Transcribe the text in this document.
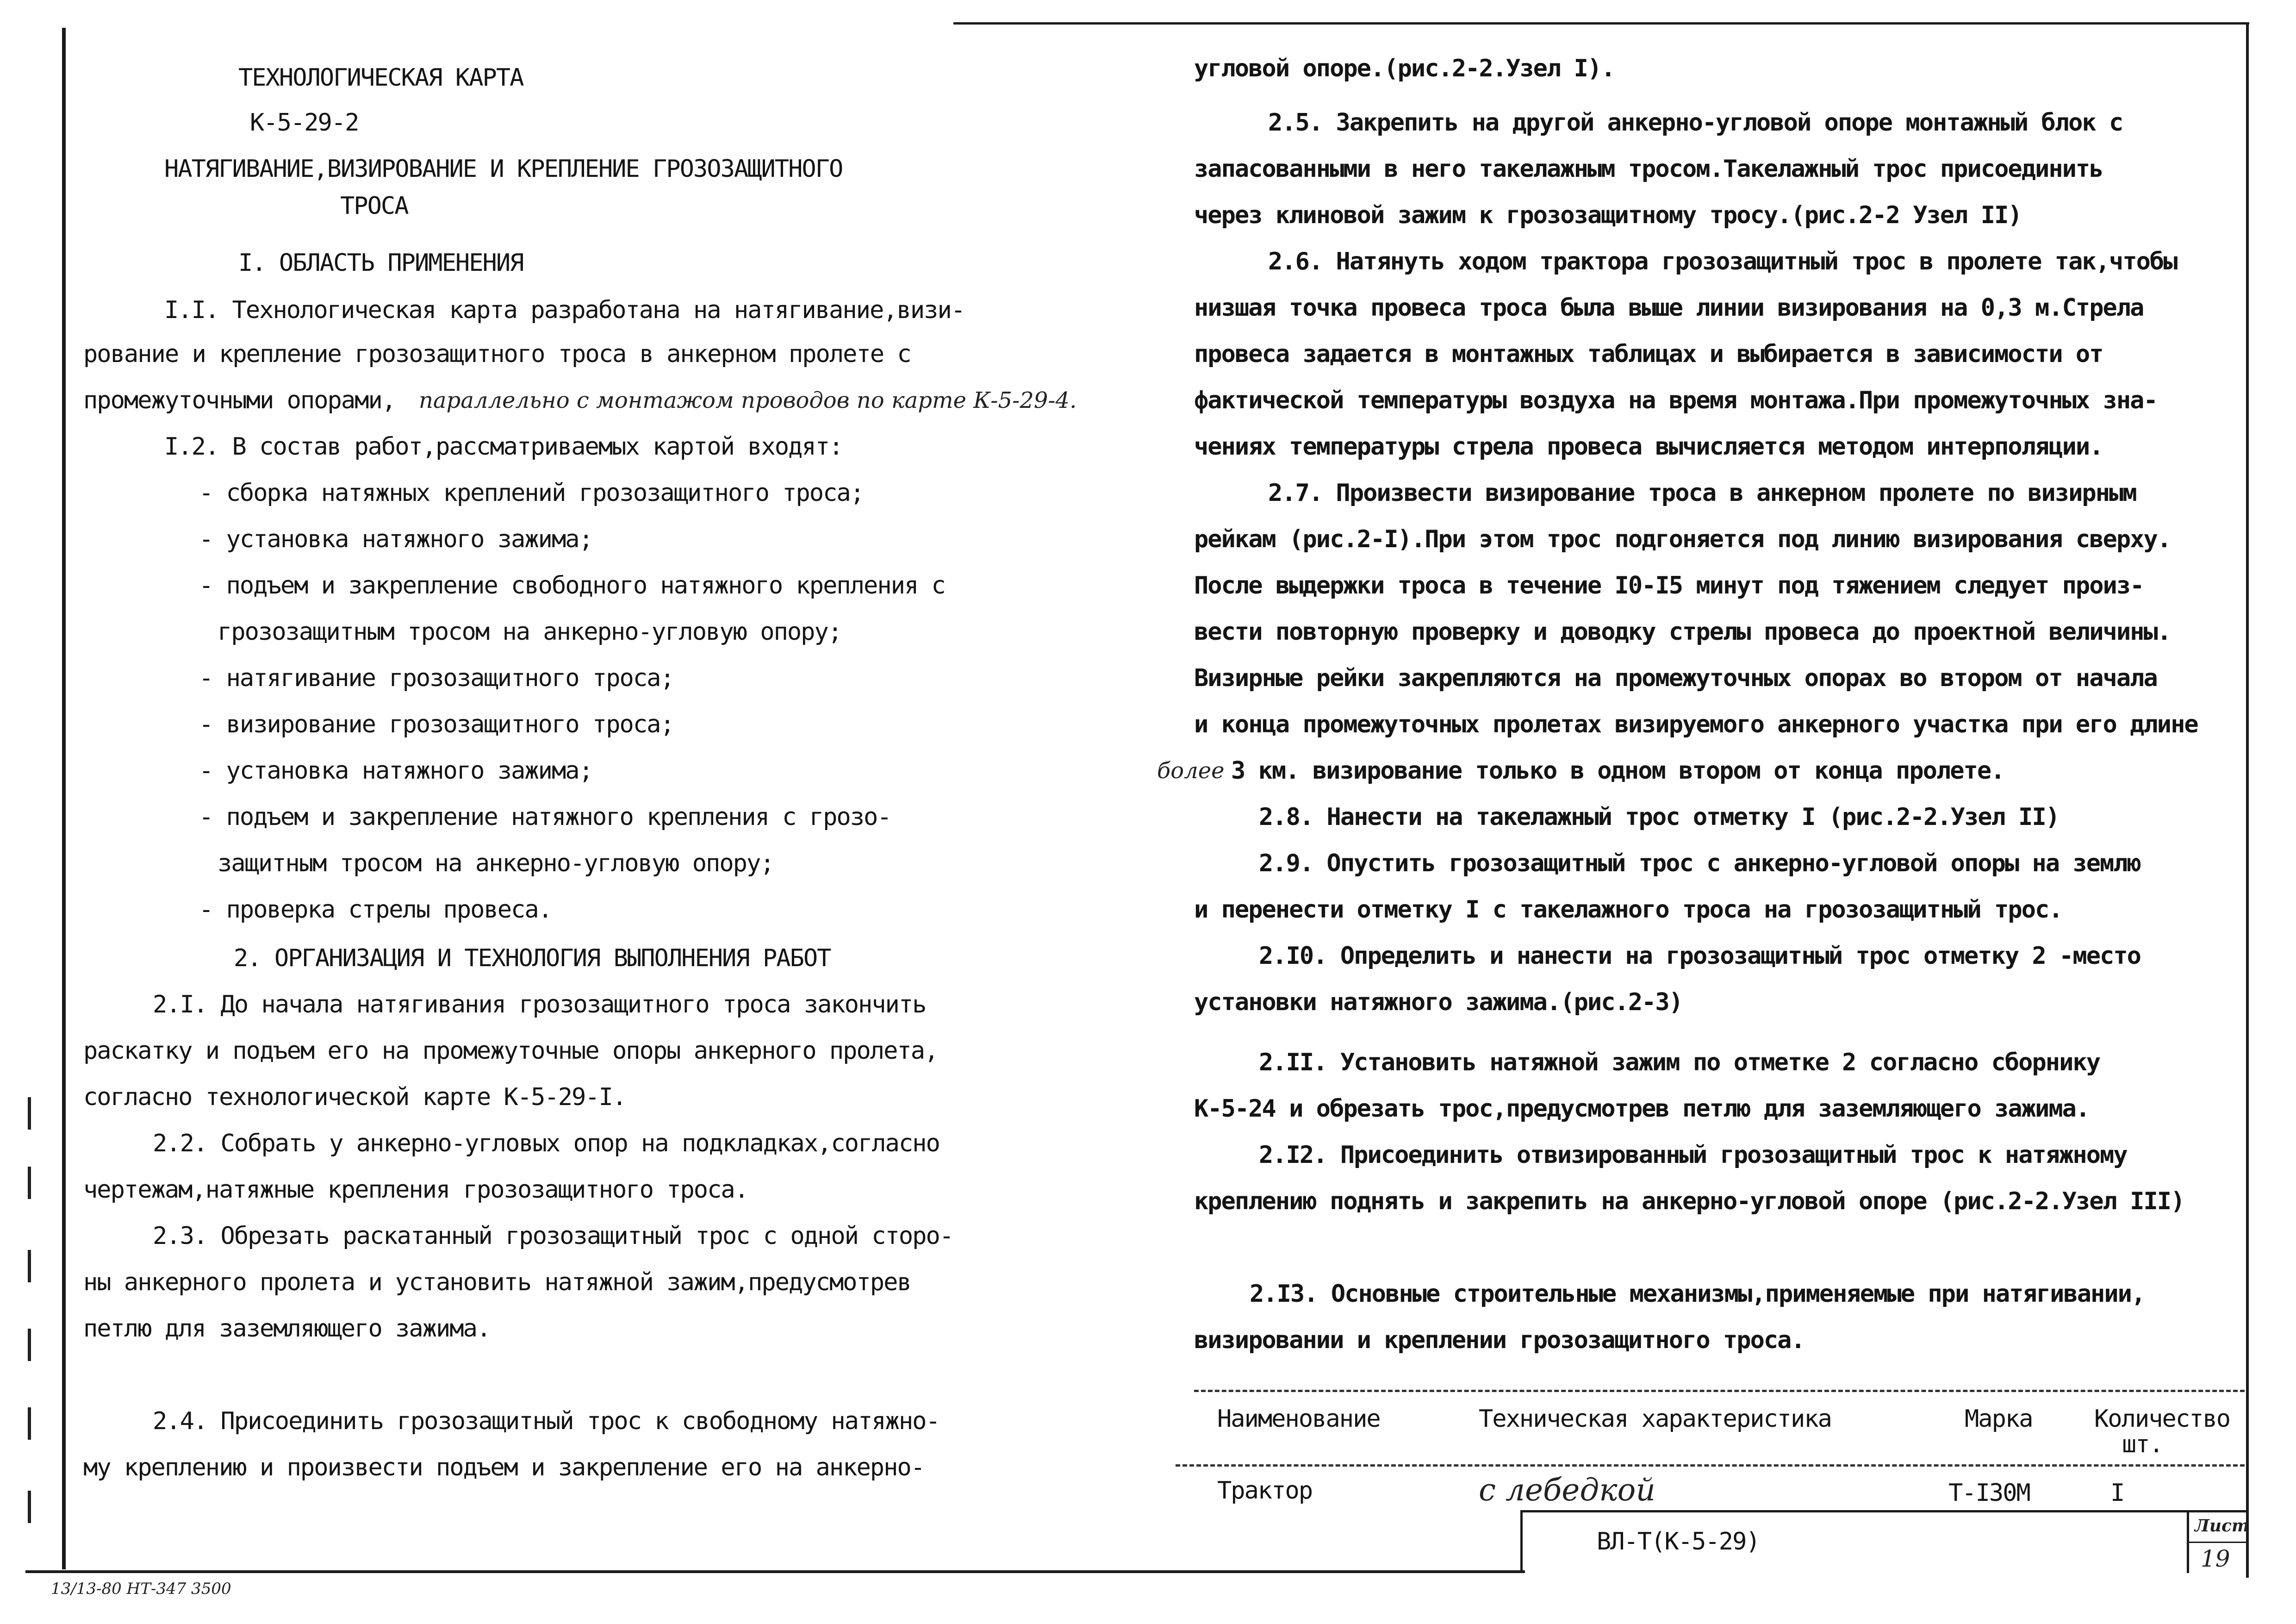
ТЕХНОЛОГИЧЕСКАЯ КАРТА
К-5-29-2
НАТЯГИВАНИЕ,ВИЗИРОВАНИЕ И КРЕПЛЕНИЕ ГРОЗОЗАЩИТНОГО
ТРОСА
I. ОБЛАСТЬ ПРИМЕНЕНИЯ
I.I. Технологическая карта разработана на натягивание,визи-
рование и крепление грозозащитного троса в анкерном пролете с
промежуточными опорами, параллельно с монтажом проводов по карте К-5-29-4.
I.2. В состав работ,рассматриваемых картой входят:
- сборка натяжных креплений грозозащитного троса;
- установка натяжного зажима;
- подъем и закрепление свободного натяжного крепления с
грозозащитным тросом на анкерно-угловую опору;
- натягивание грозозащитного троса;
- визирование грозозащитного троса;
- установка натяжного зажима;
- подъем и закрепление натяжного крепления с грозо-
защитным тросом на анкерно-угловую опору;
- проверка стрелы провеса.
2. ОРГАНИЗАЦИЯ И ТЕХНОЛОГИЯ ВЫПОЛНЕНИЯ РАБОТ
2.I. До начала натягивания грозозащитного троса закончить
раскатку и подъем его на промежуточные опоры анкерного пролета,
согласно технологической карте К-5-29-I.
2.2. Собрать у анкерно-угловых опор на подкладках,согласно
чертежам,натяжные крепления грозозащитного троса.
2.3. Обрезать раскатанный грозозащитный трос с одной сторо-
ны анкерного пролета и установить натяжной зажим,предусмотрев
петлю для заземляющего зажима.
2.4. Присоединить грозозащитный трос к свободному натяжно-
му креплению и произвести подъем и закрепление его на анкерно-
13/13-80 НТ-347 3500
угловой опоре.(рис.2-2.Узел I).
2.5. Закрепить на другой анкерно-угловой опоре монтажный блок с
запасованными в него такелажным тросом.Такелажный трос присоединить
через клиновой зажим к грозозащитному тросу.(рис.2-2 Узел II)
2.6. Натянуть ходом трактора грозозащитный трос в пролете так,чтобы
низшая точка провеса троса была выше линии визирования на 0,3 м.Стрела
провеса задается в монтажных таблицах и выбирается в зависимости от
фактической температуры воздуха на время монтажа.При промежуточных зна-
чениях температуры стрела провеса вычисляется методом интерполяции.
2.7. Произвести визирование троса в анкерном пролете по визирным
рейкам (рис.2-I).При этом трос подгоняется под линию визирования сверху.
После выдержки троса в течение I0-I5 минут под тяжением следует произ-
вести повторную проверку и доводку стрелы провеса до проектной величины.
Визирные рейки закрепляются на промежуточных опорах во втором от начала
и конца промежуточных пролетах визируемого анкерного участка при его длине
более 3 км. визирование только в одном втором от конца пролете.
2.8. Нанести на такелажный трос отметку I (рис.2-2.Узел II)
2.9. Опустить грозозащитный трос с анкерно-угловой опоры на землю
и перенести отметку I с такелажного троса на грозозащитный трос.
2.I0. Определить и нанести на грозозащитный трос отметку 2 -место
установки натяжного зажима.(рис.2-3)
2.II. Установить натяжной зажим по отметке 2 согласно сборнику
К-5-24 и обрезать трос,предусмотрев петлю для заземляющего зажима.
2.I2. Присоединить отвизированный грозозащитный трос к натяжному
креплению поднять и закрепить на анкерно-угловой опоре (рис.2-2.Узел III)
2.I3. Основные строительные механизмы,применяемые при натягивании,
визировании и креплении грозозащитного троса.
Наименование	Техническая характеристика	Марка	Количество
шт.
Трактор	с лебедкой	Т-I30М	I
ВЛ-Т(К-5-29)
Лист
19
